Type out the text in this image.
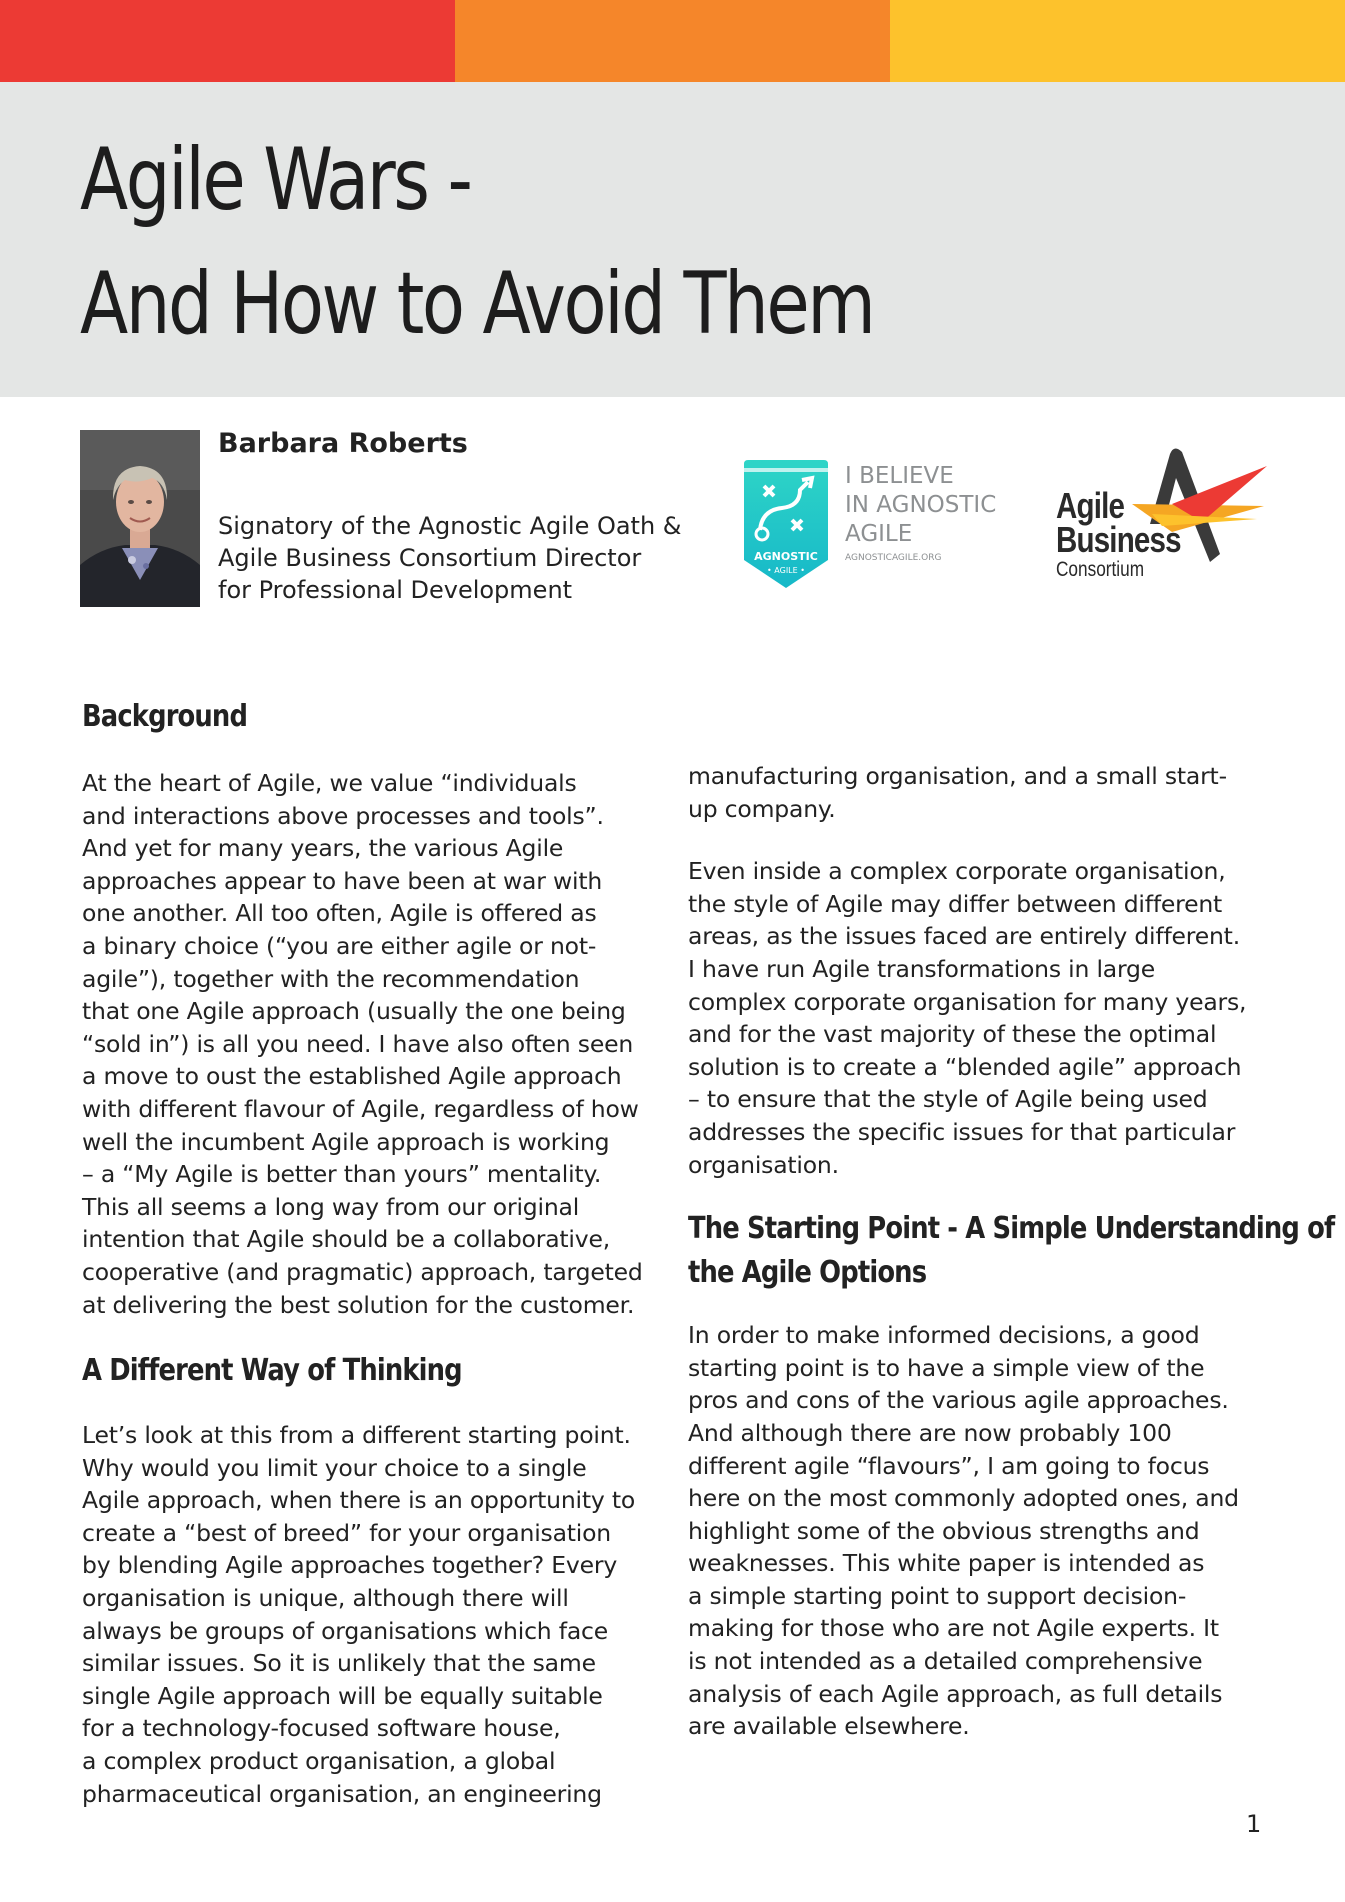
Agile Wars -
And How to Avoid Them
Barbara Roberts
Signatory of the Agnostic Agile Oath &
Agile Business Consortium Director
for Professional Development
AGNOSTIC
• AGILE •
I BELIEVE
IN AGNOSTIC
AGILE
AGNOSTICAGILE.ORG
Agile
Business
Consortium
Background

At the heart of Agile, we value “individuals
and interactions above processes and tools”.
And yet for many years, the various Agile
approaches appear to have been at war with
one another. All too often, Agile is offered as
a binary choice (“you are either agile or not-
agile”), together with the recommendation
that one Agile approach (usually the one being
“sold in”) is all you need. I have also often seen
a move to oust the established Agile approach
with different flavour of Agile, regardless of how
well the incumbent Agile approach is working
– a “My Agile is better than yours” mentality.
This all seems a long way from our original
intention that Agile should be a collaborative,
cooperative (and pragmatic) approach, targeted
at delivering the best solution for the customer.

A Different Way of Thinking

Let’s look at this from a different starting point.
Why would you limit your choice to a single
Agile approach, when there is an opportunity to
create a “best of breed” for your organisation
by blending Agile approaches together? Every
organisation is unique, although there will
always be groups of organisations which face
similar issues. So it is unlikely that the same
single Agile approach will be equally suitable
for a technology-focused software house,
a complex product organisation, a global
pharmaceutical organisation, an engineering

manufacturing organisation, and a small start-
up company.

Even inside a complex corporate organisation,
the style of Agile may differ between different
areas, as the issues faced are entirely different.
I have run Agile transformations in large
complex corporate organisation for many years,
and for the vast majority of these the optimal
solution is to create a “blended agile” approach
– to ensure that the style of Agile being used
addresses the specific issues for that particular
organisation.

The Starting Point - A Simple Understanding of
the Agile Options

In order to make informed decisions, a good
starting point is to have a simple view of the
pros and cons of the various agile approaches.
And although there are now probably 100
different agile “flavours”, I am going to focus
here on the most commonly adopted ones, and
highlight some of the obvious strengths and
weaknesses. This white paper is intended as
a simple starting point to support decision-
making for those who are not Agile experts. It
is not intended as a detailed comprehensive
analysis of each Agile approach, as full details
are available elsewhere.

1
